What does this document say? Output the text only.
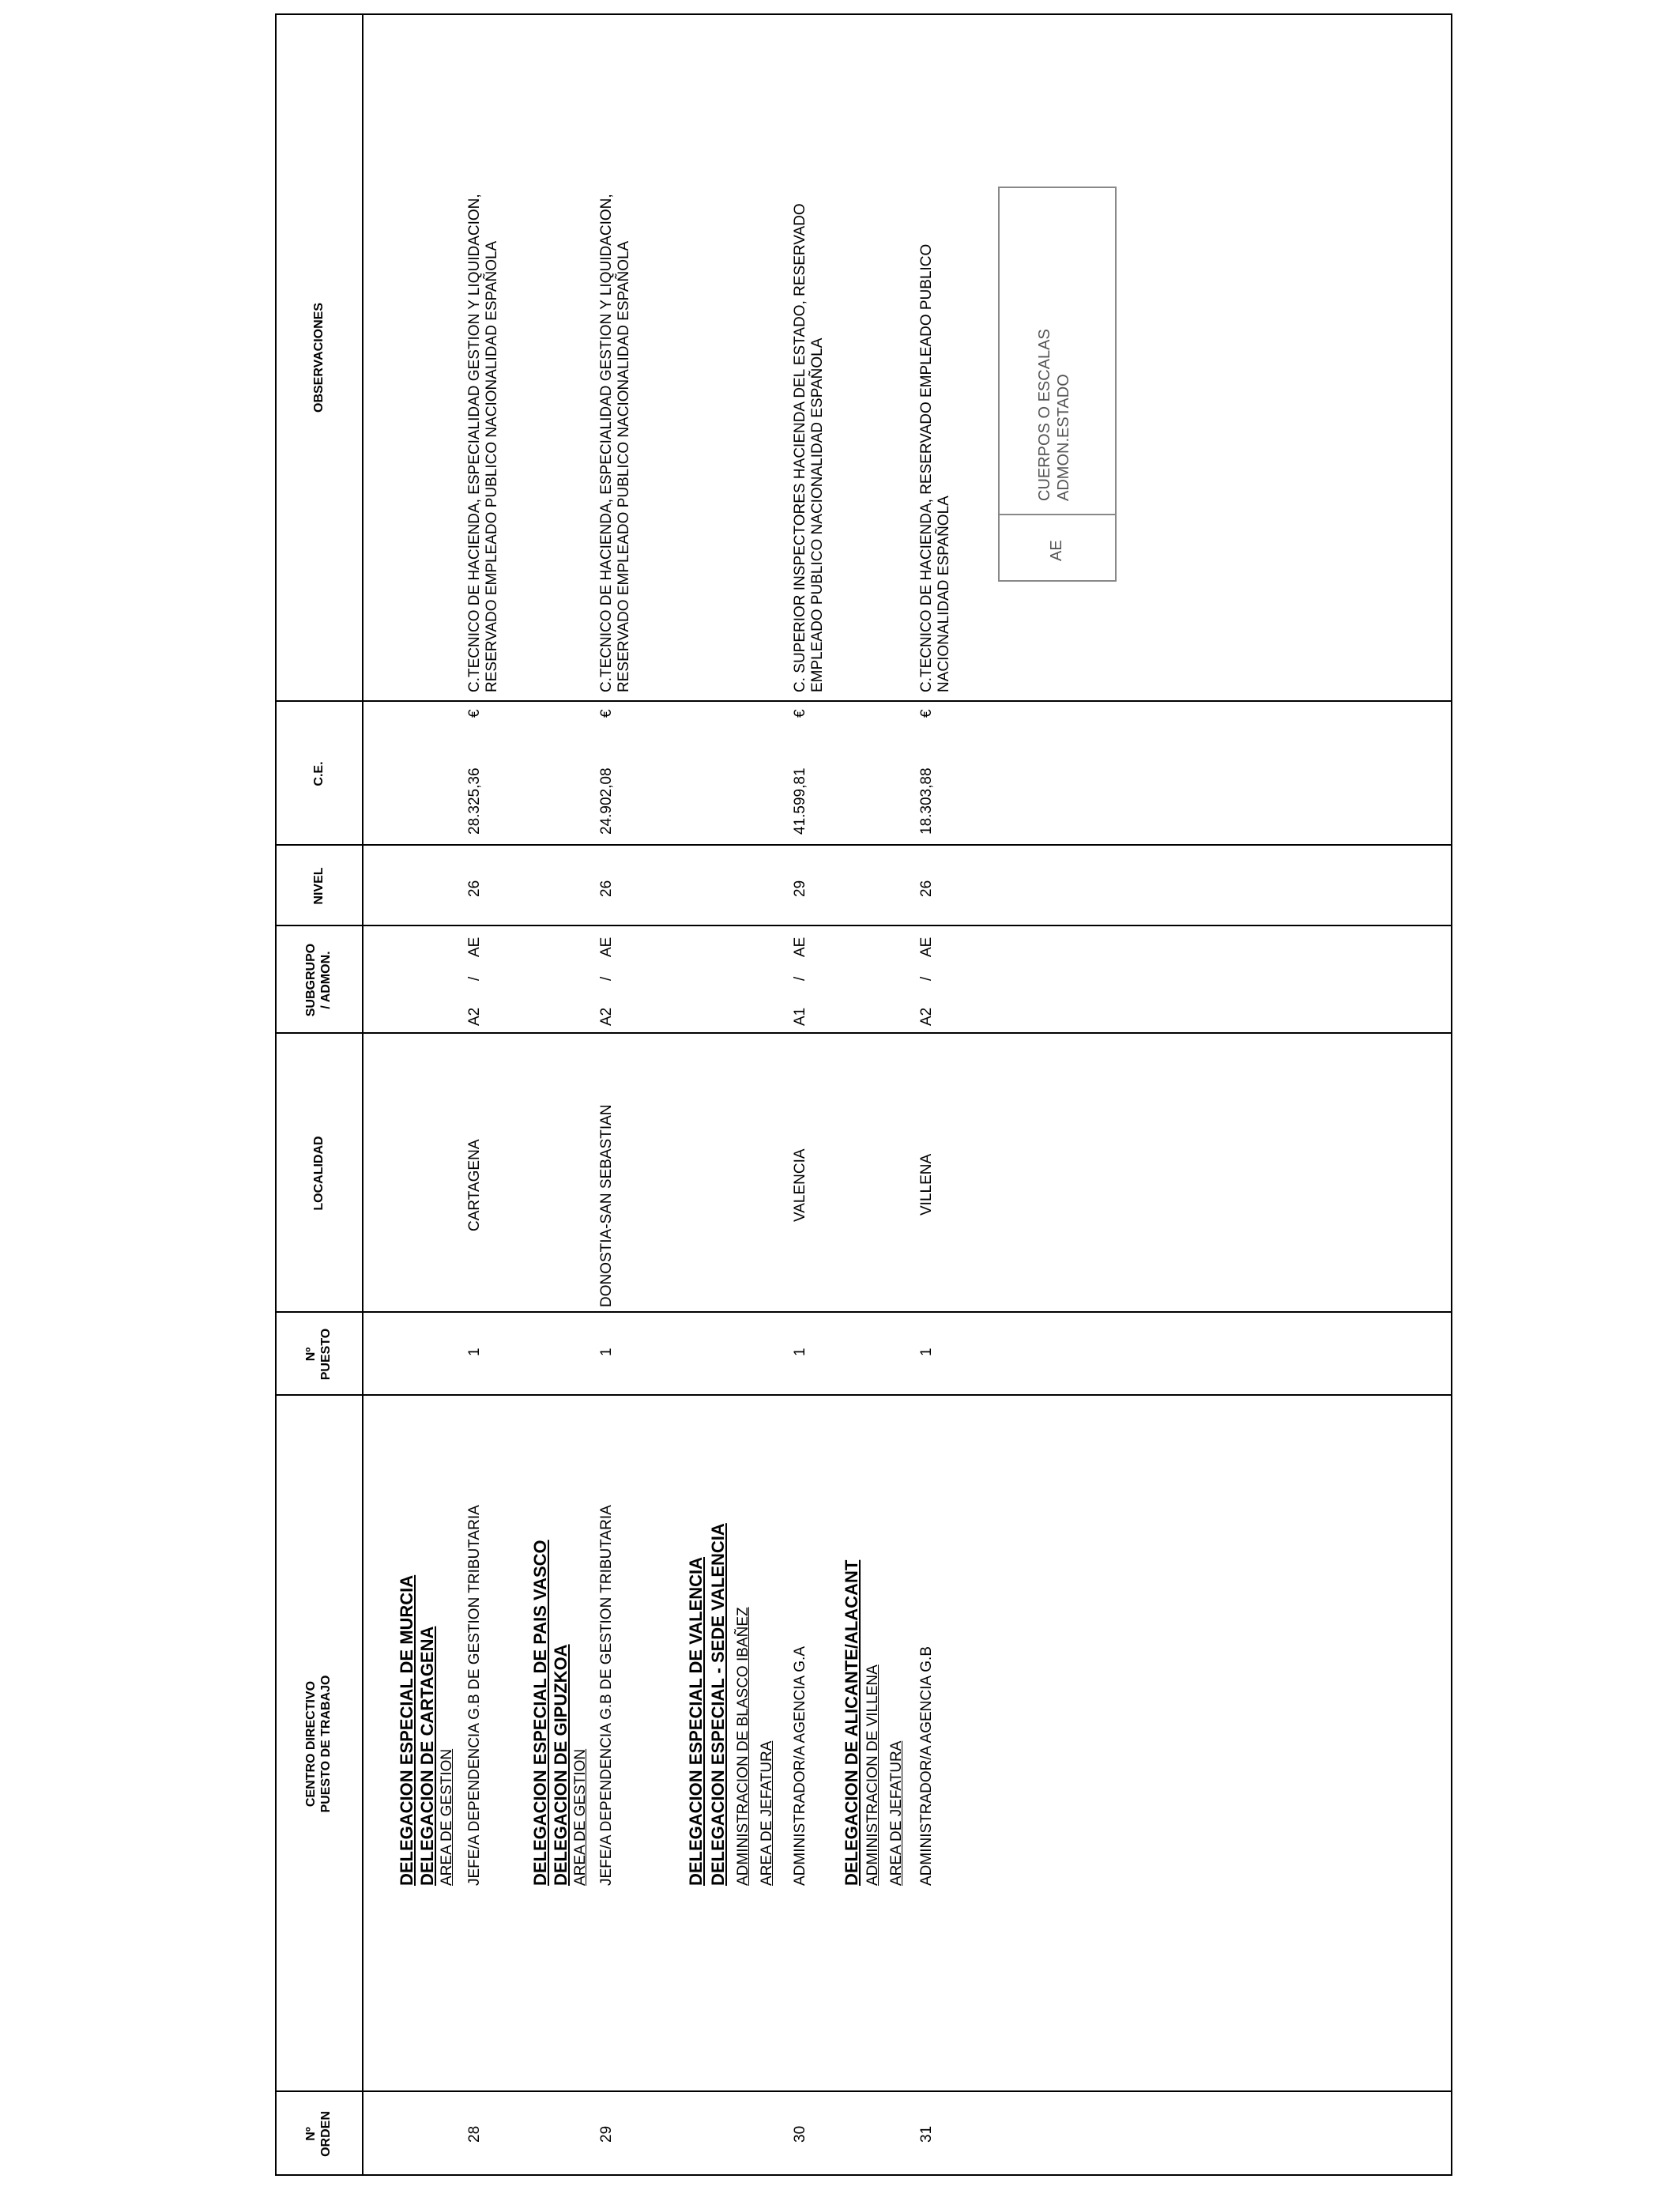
Nº ORDEN
CENTRO DIRECTIVO PUESTO DE TRABAJO
Nº PUESTO
LOCALIDAD
SUBGRUPO / ADMON.
NIVEL
C.E.
OBSERVACIONES
28
DELEGACION ESPECIAL DE MURCIA DELEGACION DE CARTAGENA AREA DE GESTION JEFE/A DEPENDENCIA G.B DE GESTION TRIBUTARIA
1
CARTAGENA
A2
/
AE
26
28.325,36
€
C.TECNICO DE HACIENDA, ESPECIALIDAD GESTION Y LIQUIDACION, RESERVADO EMPLEADO PUBLICO NACIONALIDAD ESPAÑOLA
29
DELEGACION ESPECIAL DE PAIS VASCO DELEGACION DE GIPUZKOA AREA DE GESTION JEFE/A DEPENDENCIA G.B DE GESTION TRIBUTARIA
1
DONOSTIA-SAN SEBASTIAN
A2
/
AE
26
24.902,08
€
C.TECNICO DE HACIENDA, ESPECIALIDAD GESTION Y LIQUIDACION, RESERVADO EMPLEADO PUBLICO NACIONALIDAD ESPAÑOLA
30
DELEGACION ESPECIAL DE VALENCIA DELEGACION ESPECIAL - SEDE VALENCIA ADMINISTRACION DE BLASCO IBAÑEZ AREA DE JEFATURA ADMINISTRADOR/A AGENCIA G.A
1
VALENCIA
A1
/
AE
29
41.599,81
€
C. SUPERIOR INSPECTORES HACIENDA DEL ESTADO, RESERVADO EMPLEADO PUBLICO NACIONALIDAD ESPAÑOLA
31
DELEGACION DE ALICANTE/ALACANT ADMINISTRACION DE VILLENA AREA DE JEFATURA ADMINISTRADOR/A AGENCIA G.B
1
VILLENA
A2
/
AE
26
18.303,88
€
C.TECNICO DE HACIENDA, RESERVADO EMPLEADO PUBLICO NACIONALIDAD ESPAÑOLA	AE
CUERPOS O ESCALAS ADMON.ESTADO
